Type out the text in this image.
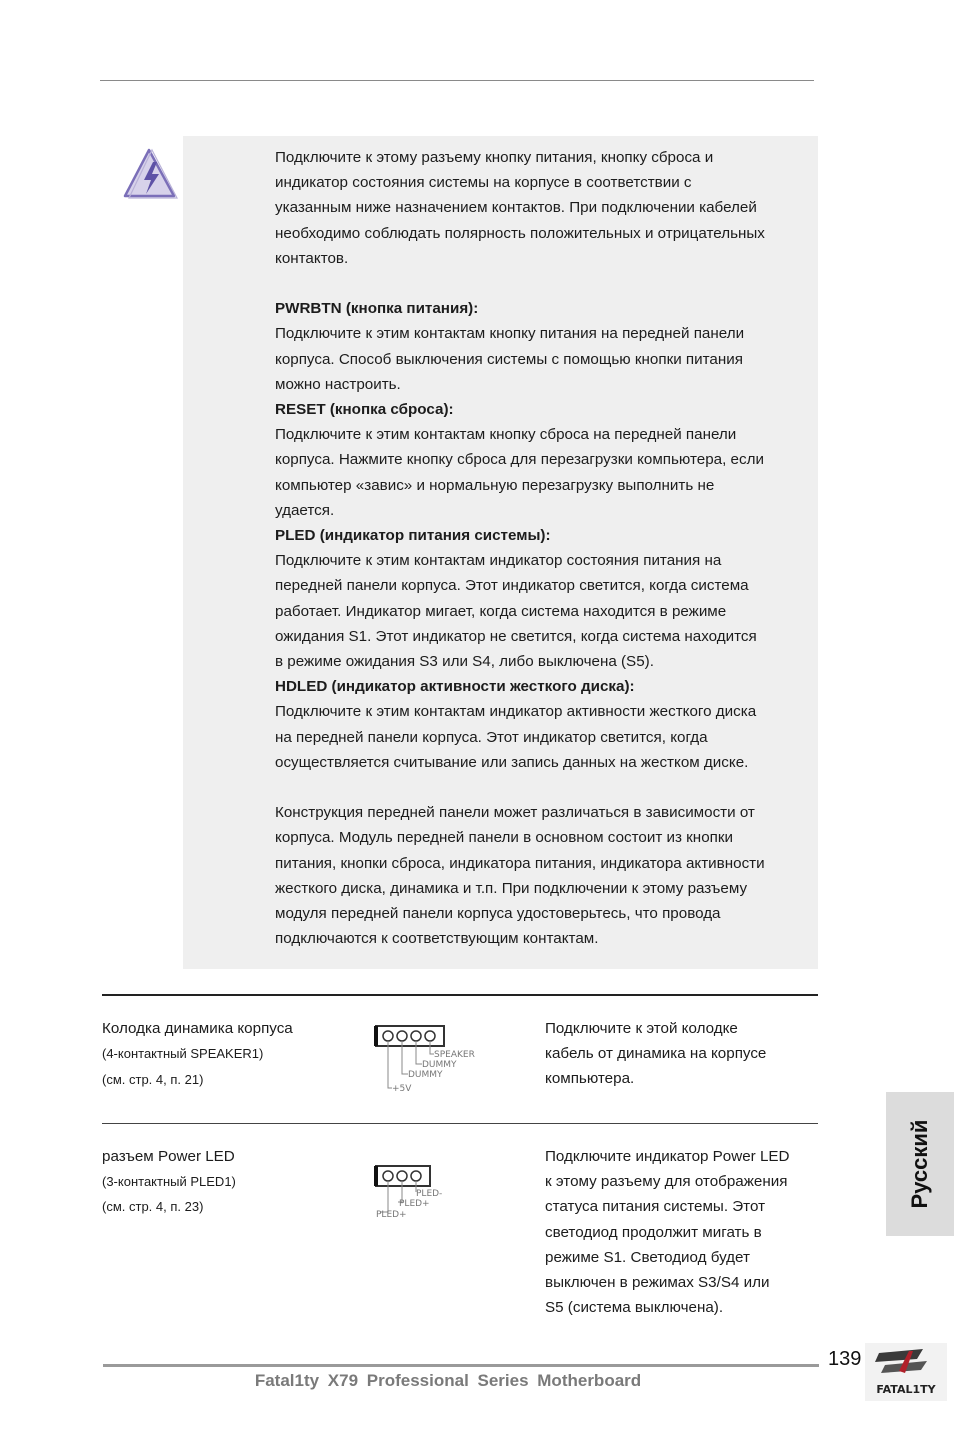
Подключите к этому разъему кнопку питания, кнопку сброса и

индикатор состояния системы на корпусе в соответствии с

указанным ниже назначением контактов. При подключении кабелей

необходимо соблюдать полярность положительных и отрицательных

контактов.

PWRBTN (кнопка питания):

Подключите к этим контактам кнопку питания на передней панели

корпуса. Способ выключения системы с помощью кнопки питания

можно настроить.

RESET (кнопка сброса):

Подключите к этим контактам кнопку сброса на передней панели

корпуса. Нажмите кнопку сброса для перезагрузки компьютера, если

компьютер «завис» и нормальную перезагрузку выполнить не

удается.

PLED (индикатор питания системы):

Подключите к этим контактам индикатор состояния питания на

передней панели корпуса. Этот индикатор светится, когда система

работает. Индикатор мигает, когда система находится в режиме

ожидания S1. Этот индикатор не светится, когда система находится

в режиме ожидания S3 или S4, либо выключена (S5).

HDLED (индикатор активности жесткого диска):

Подключите к этим контактам индикатор активности жесткого диска

на передней панели корпуса. Этот индикатор светится, когда

осуществляется считывание или запись данных на жестком диске.

Конструкция передней панели может различаться в зависимости от

корпуса. Модуль передней панели в основном состоит из кнопки

питания, кнопки сброса, индикатора питания, индикатора активности

жесткого диска, динамика и т.п. При подключении к этому разъему

модуля передней панели корпуса удостоверьтесь, что провода

подключаются к соответствующим контактам.

Колодка динамика корпуса
(4-контактный SPEAKER1)
(см. стр. 4, п. 21)
SPEAKER
DUMMY
DUMMY
+5V

Подключите к этой колодке

кабель от динамика на корпусе

компьютера.

разъем Power LED
(3-контактный PLED1)
(см. стр. 4, п. 23)
PLED-
PLED+
PLED+

Подключите индикатор Power LED

к этому разъему для отображения

статуса питания системы. Этот

светодиод продолжит мигать в

режиме S1. Светодиод будет

выключен в режимах S3/S4 или

S5 (система выключена).

Русский
139
Fatal1ty X79 Professional Series Motherboard	FATAL1TY
